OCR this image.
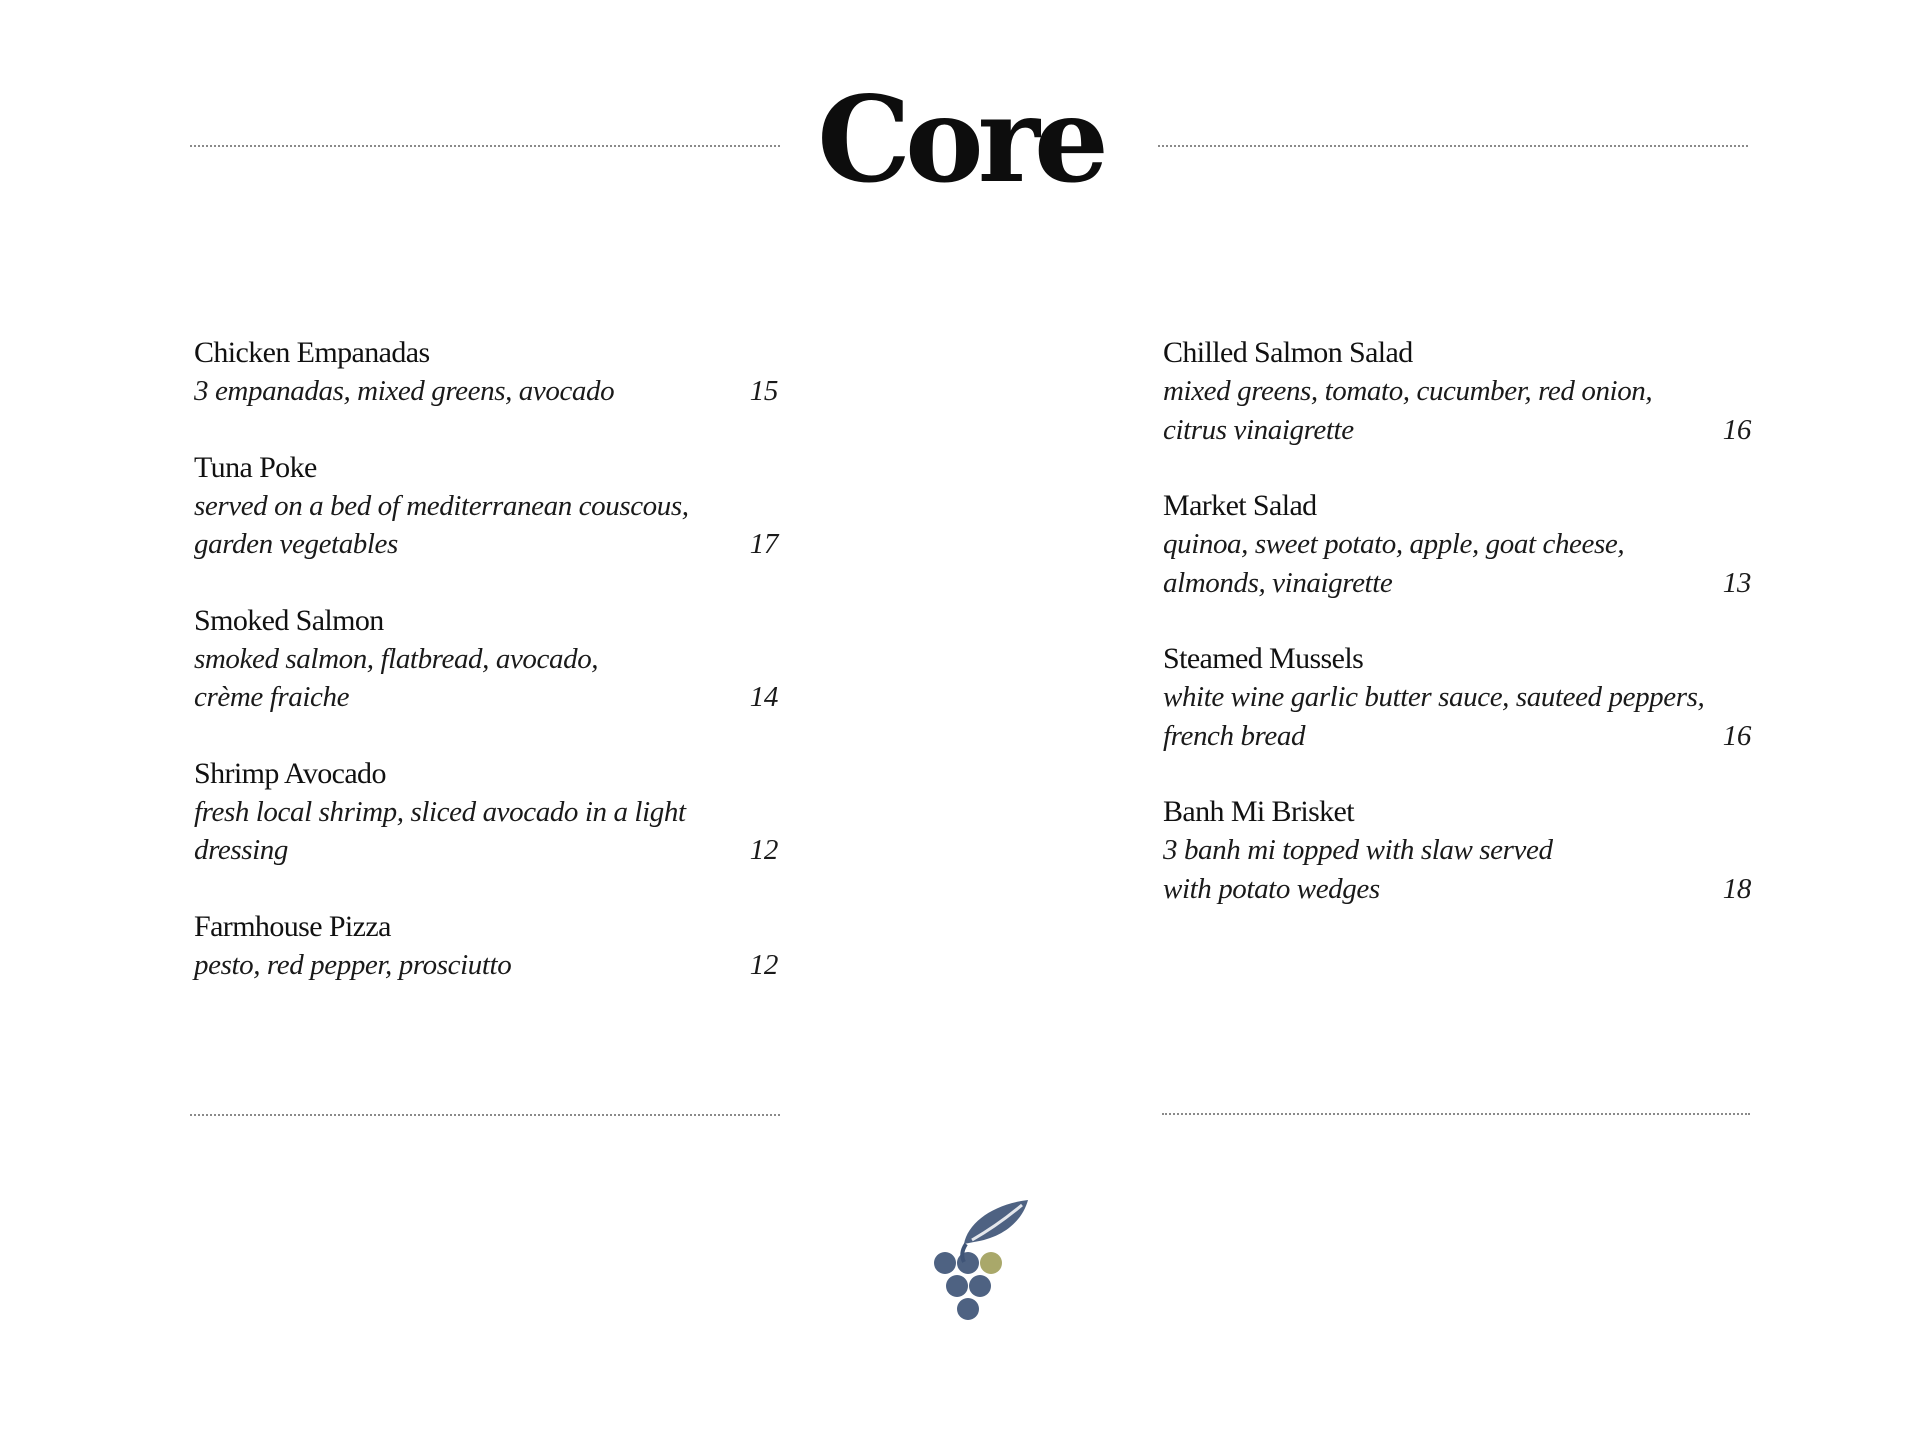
Core
Chicken Empanadas
3 empanadas, mixed greens, avocado	15
Tuna Poke
served on a bed of mediterranean couscous,
garden vegetables	17
Smoked Salmon
smoked salmon, flatbread, avocado,
crème fraiche	14
Shrimp Avocado
fresh local shrimp, sliced avocado in a light
dressing	12
Farmhouse Pizza
pesto, red pepper, prosciutto	12
Chilled Salmon Salad
mixed greens, tomato, cucumber, red onion,
citrus vinaigrette	16
Market Salad
quinoa, sweet potato, apple, goat cheese,
almonds, vinaigrette	13
Steamed Mussels
white wine garlic butter sauce, sauteed peppers,
french bread	16
Banh Mi Brisket
3 banh mi topped with slaw served
with potato wedges	18
